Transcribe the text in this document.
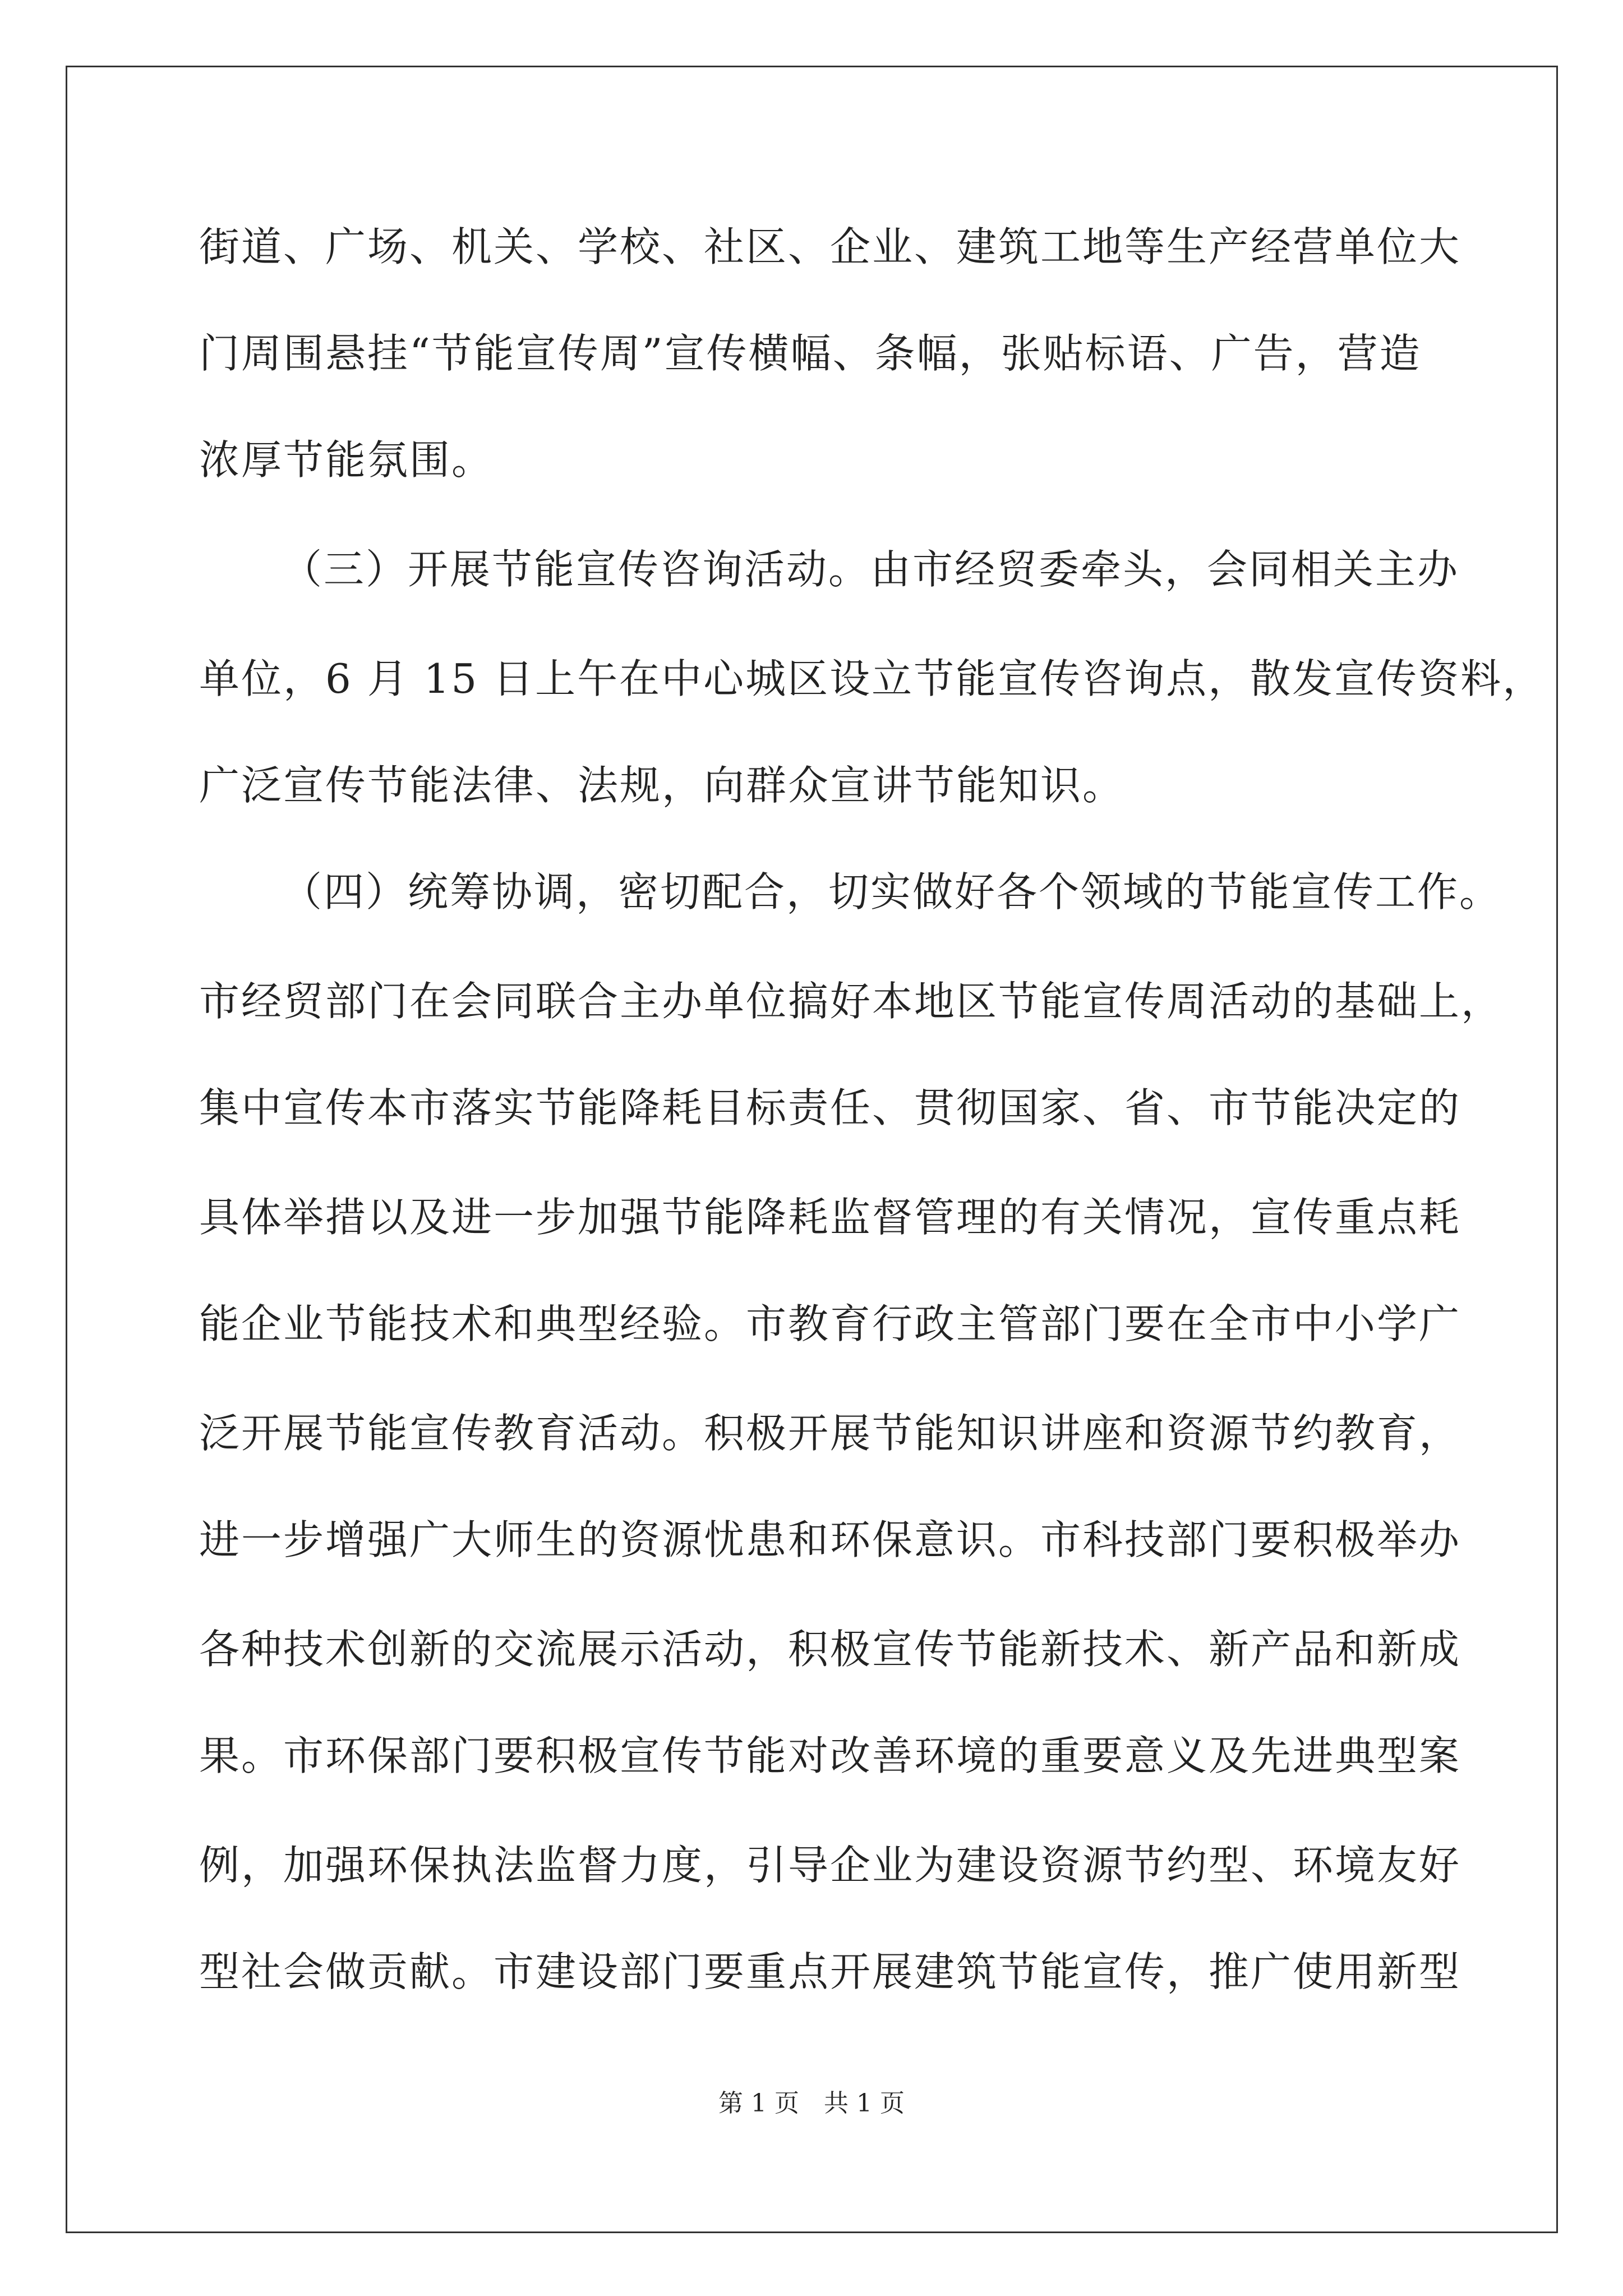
街道、广场、机关、学校、社区、企业、建筑工地等生产经营单位大
门周围悬挂“节能宣传周”宣传横幅、条幅，张贴标语、广告，营造
浓厚节能氛围。
（三）开展节能宣传咨询活动。由市经贸委牵头，会同相关主办
单位，6 月 15 日上午在中心城区设立节能宣传咨询点，散发宣传资料，
广泛宣传节能法律、法规，向群众宣讲节能知识。
（四）统筹协调，密切配合，切实做好各个领域的节能宣传工作。
市经贸部门在会同联合主办单位搞好本地区节能宣传周活动的基础上，
集中宣传本市落实节能降耗目标责任、贯彻国家、省、市节能决定的
具体举措以及进一步加强节能降耗监督管理的有关情况，宣传重点耗
能企业节能技术和典型经验。市教育行政主管部门要在全市中小学广
泛开展节能宣传教育活动。积极开展节能知识讲座和资源节约教育，
进一步增强广大师生的资源忧患和环保意识。市科技部门要积极举办
各种技术创新的交流展示活动，积极宣传节能新技术、新产品和新成
果。市环保部门要积极宣传节能对改善环境的重要意义及先进典型案
例，加强环保执法监督力度，引导企业为建设资源节约型、环境友好
型社会做贡献。市建设部门要重点开展建筑节能宣传，推广使用新型
第 1 页　共 1 页
